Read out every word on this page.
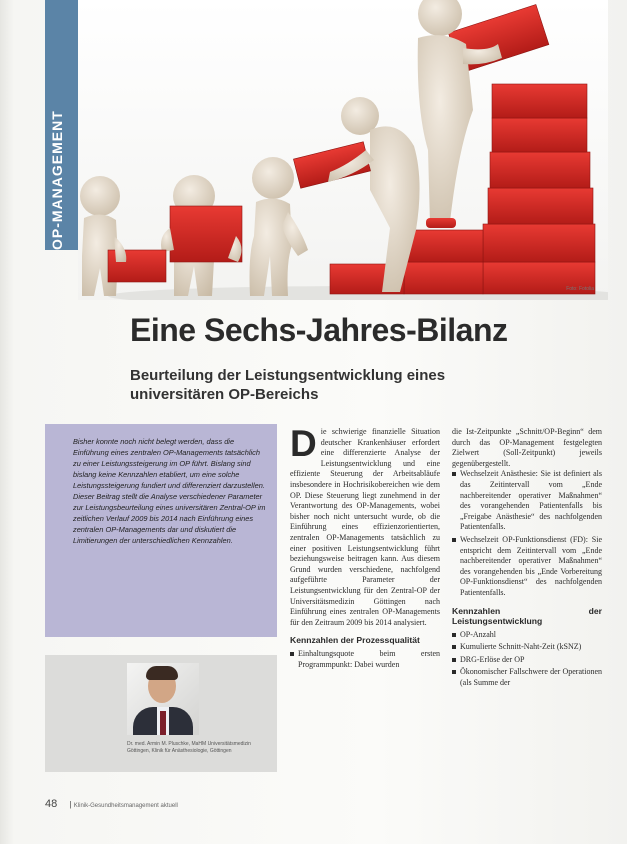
OP-MANAGEMENT
Foto: Fotolia
Eine Sechs-Jahres-Bilanz
Beurteilung der Leistungsentwicklung eines universitären OP-Bereichs

Bisher konnte noch nicht belegt werden, dass die Einführung eines zentralen OP-Managements tatsächlich zu einer Leistungssteigerung im OP führt. Bislang sind bislang keine Kennzahlen etabliert, um eine solche Leistungssteigerung fundiert und differenziert darzustellen. Dieser Beitrag stellt die Analyse verschiedener Parameter zur Leistungsbeurteilung eines universitären Zentral-OP im zeitlichen Verlauf 2009 bis 2014 nach Einführung eines zentralen OP-Managements dar und diskutiert die Limitierungen der unterschiedlichen Kennzahlen.

Dr. med. Armin M. Pluschke, MaHM Universitätsmedizin Göttingen, Klinik für Anästhesiologie, Göttingen

Die schwierige finanzielle Situation deutscher Krankenhäuser erfordert eine differenzierte Analyse der Leistungsentwicklung und eine effiziente Steuerung der Arbeitsabläufe insbesondere in Hochrisikobereichen wie dem OP. Diese Steuerung liegt zunehmend in der Verantwortung des OP-Managements, wobei bisher noch nicht untersucht wurde, ob die Einführung eines effizienzorientierten, zentralen OP-Managements tatsächlich zu einer positiven Leistungsentwicklung führt beziehungsweise beitragen kann. Aus diesem Grund wurden verschiedene, nachfolgend aufgeführte Parameter der Leistungsentwicklung für den Zentral-OP der Universitätsmedizin Göttingen nach Einführung eines zentralen OP-Managements für den Zeitraum 2009 bis 2014 analysiert.

Kennzahlen der Prozessqualität
Einhaltungsquote beim ersten Programmpunkt: Dabei wurden

die Ist-Zeitpunkte „Schnitt/OP-Beginn“ dem durch das OP-Management festgelegten Zielwert (Soll-Zeitpunkt) jeweils gegenübergestellt.

Wechselzeit Anästhesie: Sie ist definiert als das Zeitintervall vom „Ende nachbereitender operativer Maßnahmen“ des vorangehenden Patientenfalls bis „Freigabe Anästhesie“ des nachfolgenden Patientenfalls.
Wechselzeit OP-Funktionsdienst (FD): Sie entspricht dem Zeitintervall vom „Ende nachbereitender operativer Maßnahmen“ des vorangehenden bis „Ende Vorbereitung OP-Funktionsdienst“ des nachfolgenden Patientenfalls.
Kennzahlen der Leistungsentwicklung
OP-Anzahl
Kumulierte Schnitt-Naht-Zeit (kSNZ)
DRG-Erlöse der OP
Ökonomischer Fallschwere der Operationen (als Summe der
48 | Klinik-Gesundheitsmanagement aktuell
